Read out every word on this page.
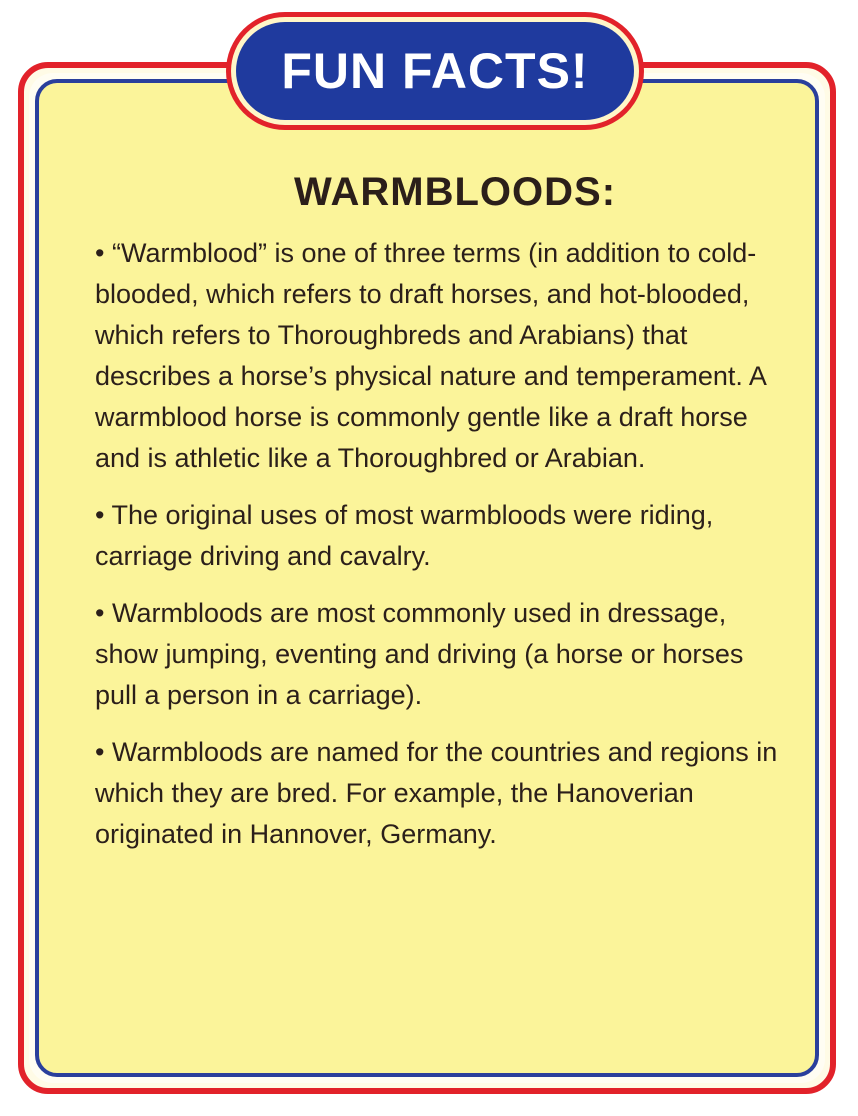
FUN FACTS!
WARMBLOODS:

• “Warmblood” is one of three terms (in addition to cold-blooded, which refers to draft horses, and hot-blooded, which refers to Thoroughbreds and Arabians) that describes a horse’s physical nature and temperament. A warmblood horse is commonly gentle like a draft horse and is athletic like a Thoroughbred or Arabian.

• The original uses of most warmbloods were riding, carriage driving and cavalry.

• Warmbloods are most commonly used in dressage, show jumping, eventing and driving (a horse or horses pull a person in a carriage).

• Warmbloods are named for the countries and regions in which they are bred. For example, the Hanoverian originated in Hannover, Germany.
